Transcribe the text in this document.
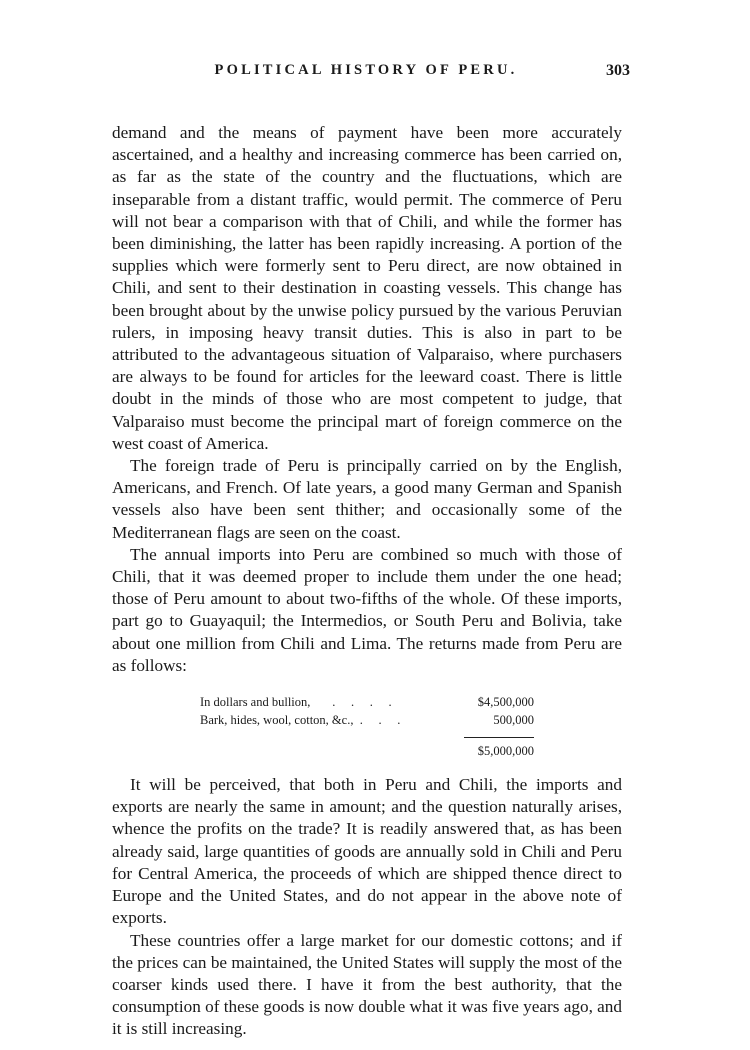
POLITICAL HISTORY OF PERU.	303

demand and the means of payment have been more accurately ascertained, and a healthy and increasing commerce has been carried on, as far as the state of the country and the fluctuations, which are inseparable from a distant traffic, would permit. The commerce of Peru will not bear a comparison with that of Chili, and while the former has been diminishing, the latter has been rapidly increasing. A portion of the supplies which were formerly sent to Peru direct, are now obtained in Chili, and sent to their destination in coasting vessels. This change has been brought about by the unwise policy pursued by the various Peruvian rulers, in imposing heavy transit duties. This is also in part to be attributed to the advantageous situation of Valparaiso, where purchasers are always to be found for articles for the leeward coast. There is little doubt in the minds of those who are most competent to judge, that Valparaiso must become the principal mart of foreign commerce on the west coast of America.

The foreign trade of Peru is principally carried on by the English, Americans, and French. Of late years, a good many German and Spanish vessels also have been sent thither; and occasionally some of the Mediterranean flags are seen on the coast.

The annual imports into Peru are combined so much with those of Chili, that it was deemed proper to include them under the one head; those of Peru amount to about two-fifths of the whole. Of these imports, part go to Guayaquil; the Intermedios, or South Peru and Bolivia, take about one million from Chili and Lima. The returns made from Peru are as follows:

In dollars and bullion,       .     .     .     .	$4,500,000
Bark, hides, wool, cotton, &c.,  .     .     .	500,000
$5,000,000

It will be perceived, that both in Peru and Chili, the imports and exports are nearly the same in amount; and the question naturally arises, whence the profits on the trade? It is readily answered that, as has been already said, large quantities of goods are annually sold in Chili and Peru for Central America, the proceeds of which are shipped thence direct to Europe and the United States, and do not appear in the above note of exports.

These countries offer a large market for our domestic cottons; and if the prices can be maintained, the United States will supply the most of the coarser kinds used there. I have it from the best authority, that the consumption of these goods is now double what it was five years ago, and it is still increasing.
